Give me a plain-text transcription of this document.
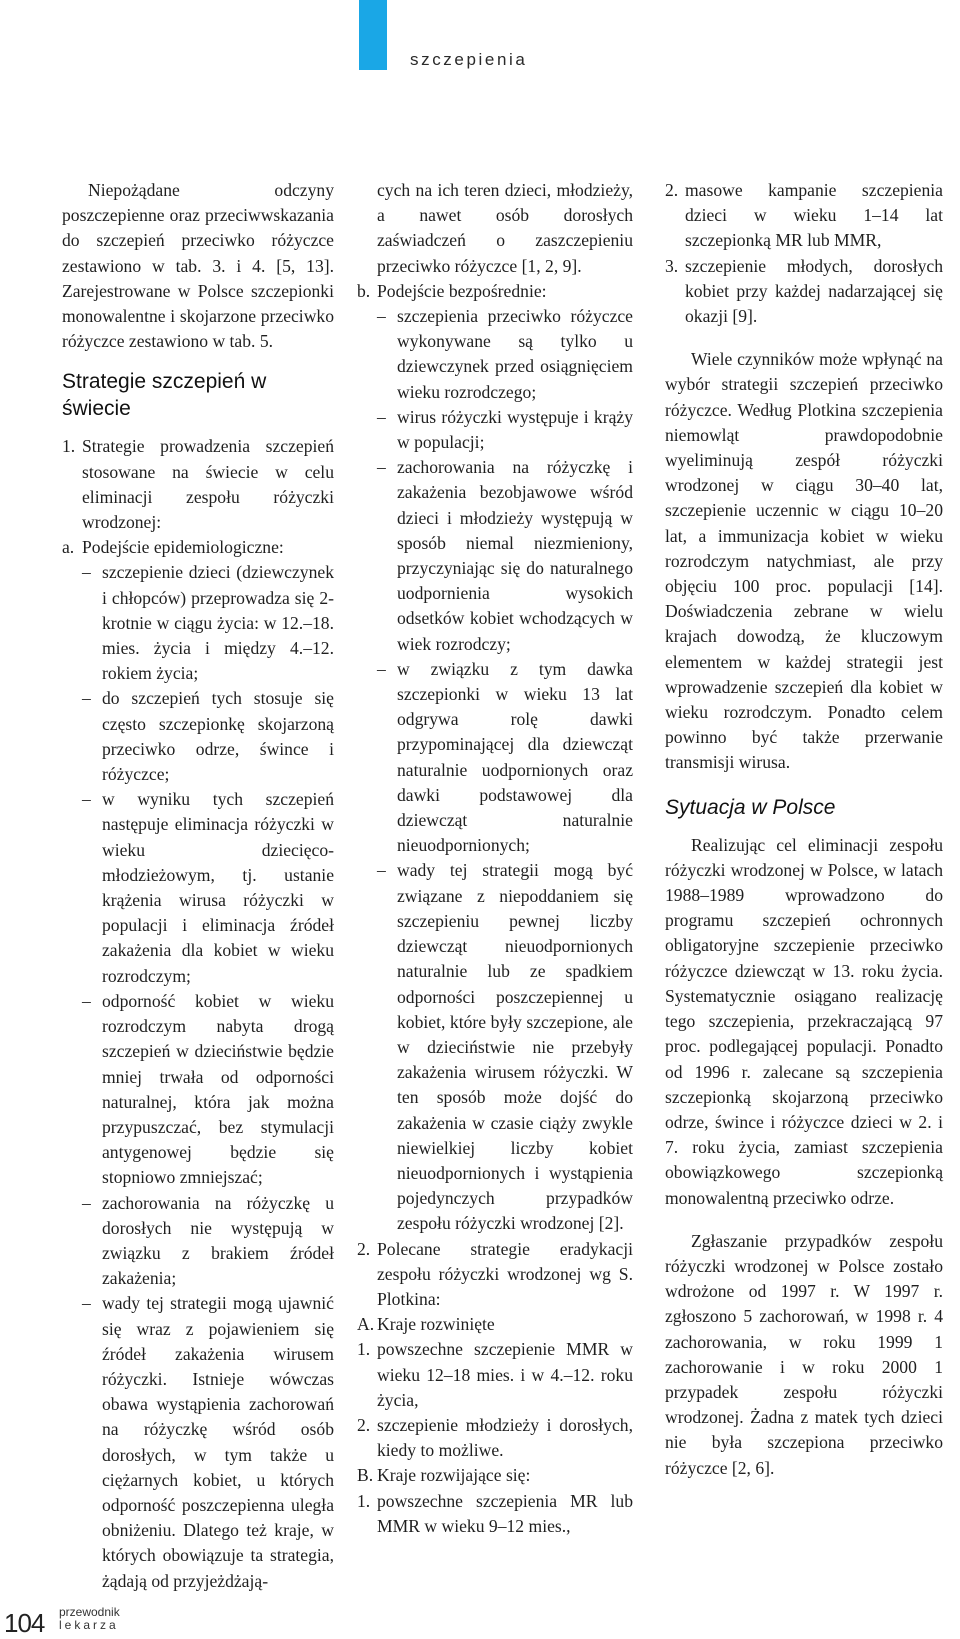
szczepienia

Niepożądane odczyny poszczepienne oraz przeciwwskazania do szczepień przeciwko różyczce zestawiono w tab. 3. i 4. [5, 13]. Zarejestrowane w Polsce szczepionki monowalentne i skojarzone przeciwko różyczce zestawiono w tab. 5.

Strategie szczepień w świecie
1. Strategie prowadzenia szczepień stosowane na świecie w celu eliminacji zespołu różyczki wrodzonej:
a. Podejście epidemiologiczne:
– szczepienie dzieci (dziewczynek i chłopców) przeprowadza się 2-krotnie w ciągu życia: w 12.–18. mies. życia i między 4.–12. rokiem życia;
– do szczepień tych stosuje się często szczepionkę skojarzoną przeciwko odrze, śwince i różyczce;
– w wyniku tych szczepień następuje eliminacja różyczki w wieku dziecięco-młodzieżowym, tj. ustanie krążenia wirusa różyczki w populacji i eliminacja źródeł zakażenia dla kobiet w wieku rozrodczym;
– odporność kobiet w wieku rozrodczym nabyta drogą szczepień w dzieciństwie będzie mniej trwała od odporności naturalnej, która jak można przypuszczać, bez stymulacji antygenowej będzie się stopniowo zmniejszać;
– zachorowania na różyczkę u dorosłych nie występują w związku z brakiem źródeł zakażenia;
– wady tej strategii mogą ujawnić się wraz z pojawieniem się źródeł zakażenia wirusem różyczki. Istnieje wówczas obawa wystąpienia zachorowań na różyczkę wśród osób dorosłych, w tym także u ciężarnych kobiet, u których odporność poszczepienna uległa obniżeniu. Dlatego też kraje, w których obowiązuje ta strategia, żądają od przyjeżdżają-

cych na ich teren dzieci, młodzieży, a nawet osób dorosłych zaświadczeń o zaszczepieniu przeciwko różyczce [1, 2, 9].

b. Podejście bezpośrednie:
– szczepienia przeciwko różyczce wykonywane są tylko u dziewczynek przed osiągnięciem wieku rozrodczego;
– wirus różyczki występuje i krąży w populacji;
– zachorowania na różyczkę i zakażenia bezobjawowe wśród dzieci i młodzieży występują w sposób niemal niezmieniony, przyczyniając się do naturalnego uodpornienia wysokich odsetków kobiet wchodzących w wiek rozrodczy;
– w związku z tym dawka szczepionki w wieku 13 lat odgrywa rolę dawki przypominającej dla dziewcząt naturalnie uodpornionych oraz dawki podstawowej dla dziewcząt naturalnie nieuodpornionych;
– wady tej strategii mogą być związane z niepoddaniem się szczepieniu pewnej liczby dziewcząt nieuodpornionych naturalnie lub ze spadkiem odporności poszczepiennej u kobiet, które były szczepione, ale w dzieciństwie nie przebyły zakażenia wirusem różyczki. W ten sposób może dojść do zakażenia w czasie ciąży zwykle niewielkiej liczby kobiet nieuodpornionych i wystąpienia pojedynczych przypadków zespołu różyczki wrodzonej [2].
2. Polecane strategie eradykacji zespołu różyczki wrodzonej wg S. Plotkina:
A. Kraje rozwinięte
1. powszechne szczepienie MMR w wieku 12–18 mies. i w 4.–12. roku życia,
2. szczepienie młodzieży i dorosłych, kiedy to możliwe.
B. Kraje rozwijające się:
1. powszechne szczepienia MR lub MMR w wieku 9–12 mies.,
2. masowe kampanie szczepienia dzieci w wieku 1–14 lat szczepionką MR lub MMR,
3. szczepienie młodych, dorosłych kobiet przy każdej nadarzającej się okazji [9].

Wiele czynników może wpłynąć na wybór strategii szczepień przeciwko różyczce. Według Plotkina szczepienia niemowląt prawdopodobnie wyeliminują zespół różyczki wrodzonej w ciągu 30–40 lat, szczepienie uczennic w ciągu 10–20 lat, a immunizacja kobiet w wieku rozrodczym natychmiast, ale przy objęciu 100 proc. populacji [14]. Doświadczenia zebrane w wielu krajach dowodzą, że kluczowym elementem w każdej strategii jest wprowadzenie szczepień dla kobiet w wieku rozrodczym. Ponadto celem powinno być także przerwanie transmisji wirusa.

Sytuacja w Polsce

Realizując cel eliminacji zespołu różyczki wrodzonej w Polsce, w latach 1988–1989 wprowadzono do programu szczepień ochronnych obligatoryjne szczepienie przeciwko różyczce dziewcząt w 13. roku życia. Systematycznie osiągano realizację tego szczepienia, przekraczającą 97 proc. podlegającej populacji. Ponadto od 1996 r. zalecane są szczepienia szczepionką skojarzoną przeciwko odrze, śwince i różyczce dzieci w 2. i 7. roku życia, zamiast szczepienia obowiązkowego szczepionką monowalentną przeciwko odrze.

Zgłaszanie przypadków zespołu różyczki wrodzonej w Polsce zostało wdrożone od 1997 r. W 1997 r. zgłoszono 5 zachorowań, w 1998 r. 4 zachorowania, w roku 1999 1 zachorowanie i w roku 2000 1 przypadek zespołu różyczki wrodzonej. Żadna z matek tych dzieci nie była szczepiona przeciwko różyczce [2, 6].

104 przewodnik
lekarza
